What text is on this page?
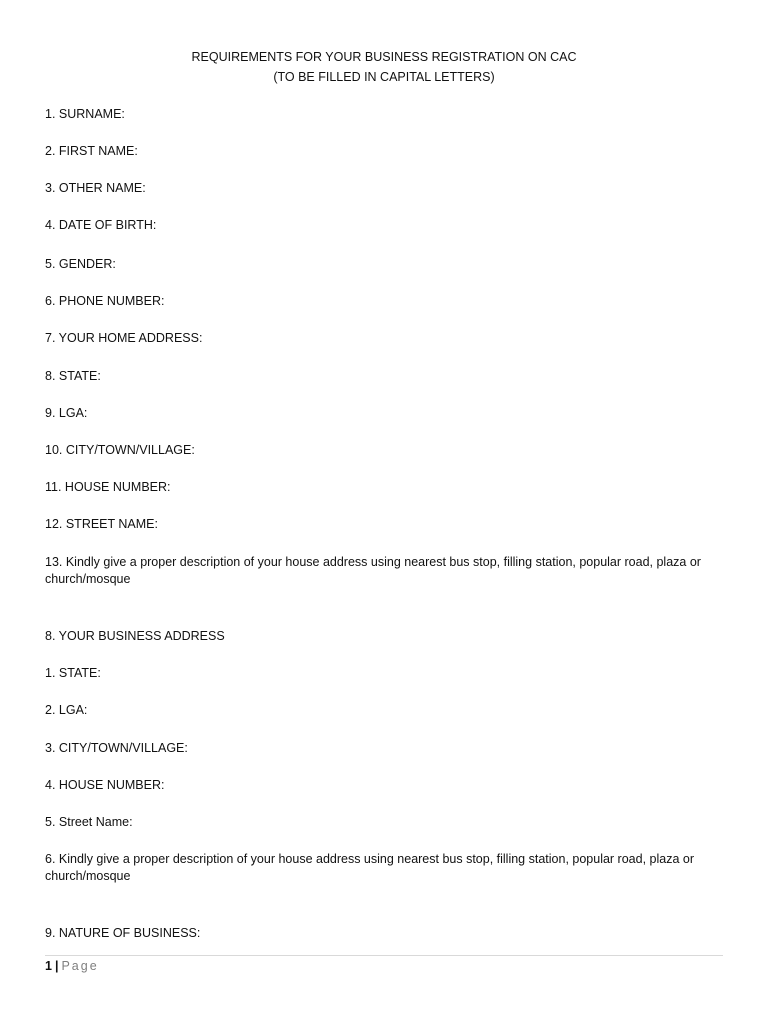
REQUIREMENTS FOR YOUR BUSINESS REGISTRATION ON CAC
(TO BE FILLED IN CAPITAL LETTERS)
1. SURNAME:
2. FIRST NAME:
3. OTHER NAME:
4. DATE OF BIRTH:
5. GENDER:
6. PHONE NUMBER:
7. YOUR HOME ADDRESS:
8. STATE:
9. LGA:
10. CITY/TOWN/VILLAGE:
11. HOUSE NUMBER:
12. STREET NAME:
13. Kindly give a proper description of your house address using nearest bus stop, filling station, popular road, plaza or church/mosque
8. YOUR BUSINESS ADDRESS
1. STATE:
2. LGA:
3. CITY/TOWN/VILLAGE:
4. HOUSE NUMBER:
5. Street Name:
6. Kindly give a proper description of your house address using nearest bus stop, filling station, popular road, plaza or church/mosque
9. NATURE OF BUSINESS:
1 | Page
